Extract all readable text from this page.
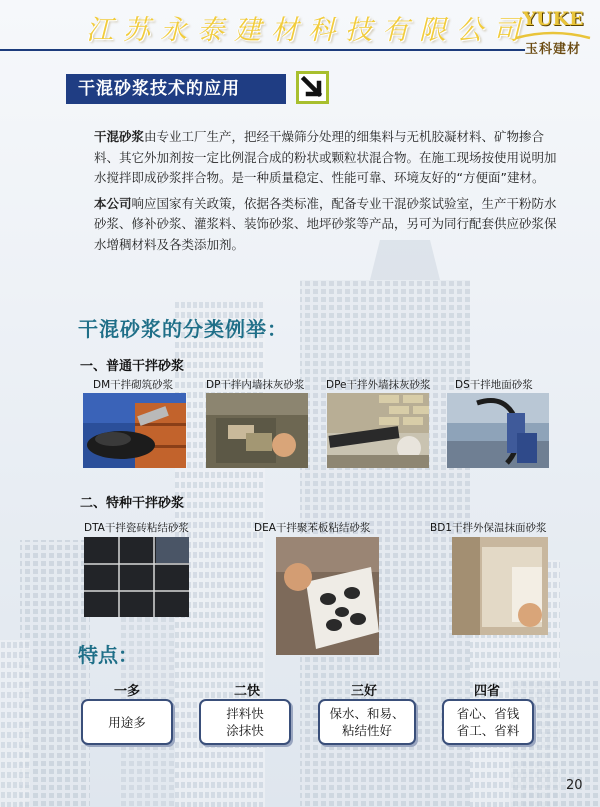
江苏永泰建材科技有限公司
YUKE
玉科建材
干混砂浆技术的应用

干混砂浆由专业工厂生产，把经干燥筛分处理的细集料与无机胶凝材料、矿物掺合料、其它外加剂按一定比例混合成的粉状或颗粒状混合物。在施工现场按使用说明加水搅拌即成砂浆拌合物。是一种质量稳定、性能可靠、环境友好的“方便面”建材。

本公司响应国家有关政策，依据各类标准，配备专业干混砂浆试验室，生产干粉防水砂浆、修补砂浆、灌浆料、装饰砂浆、地坪砂浆等产品，另可为同行配套供应砂浆保水增稠材料及各类添加剂。

干混砂浆的分类例举：
一、普通干拌砂浆
DM干拌砌筑砂浆	DP干拌内墙抹灰砂浆 DPe干拌外墙抹灰砂浆 DS干拌地面砂浆
二、特种干拌砂浆
DTA干拌瓷砖粘结砂浆	DEA干拌聚苯板粘结砂浆	BD1干拌外保温抹面砂浆
特点：
一多	二快	三好	四省
用途多
拌料快
涂抹快
保水、和易、
粘结性好
省心、省钱
省工、省料
20
